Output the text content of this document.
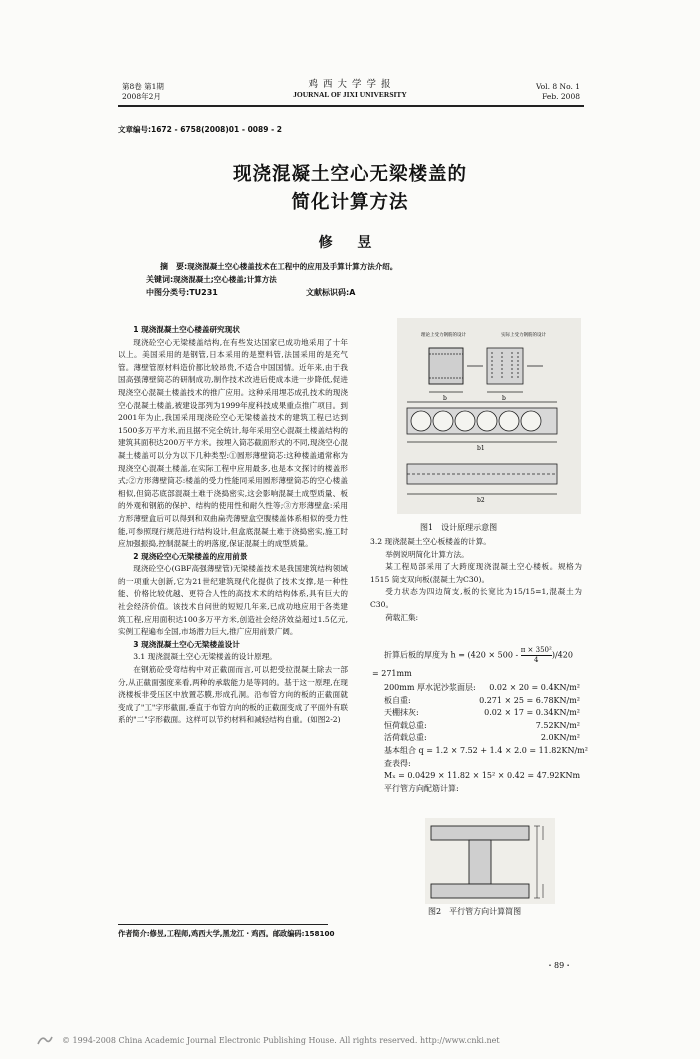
第8卷 第1期
2008年2月
鸡 西 大 学 学 报
JOURNAL OF JIXI UNIVERSITY
Vol. 8 No. 1
Feb. 2008
文章编号:1672 - 6758(2008)01 - 0089 - 2
现浇混凝土空心无梁楼盖的
简化计算方法
修 昱
摘　要:现浇混凝土空心楼盖技术在工程中的应用及手算计算方法介绍。
关键词:现浇混凝土;空心楼盖;计算方法
中图分类号:TU231	文献标识码:A

1 现浇混凝土空心楼盖研究现状

现浇砼空心无梁楼盖结构,在有些发达国家已成功地采用了十年以上。美国采用的是钢管,日本采用的是塑料管,法国采用的是充气管。薄壁管原材料造价都比较昂贵,不适合中国国情。近年来,由于我国高强薄壁筒芯的研制成功,制作技术改进后使成本进一步降低,促进现浇空心混凝土楼盖技术的推广应用。这种采用埋芯成孔技术的现浇空心混凝土楼盖,被建设部列为1999年度科技成果重点推广项目。到2001年为止,我国采用现浇砼空心无梁楼盖技术的建筑工程已达到1500多万平方米,而且据不完全统计,每年采用空心混凝土楼盖结构的建筑其面积达200万平方米。按埋入筒芯截面形式的不同,现浇空心混凝土楼盖可以分为以下几种类型:①圆形薄壁筒芯:这种楼盖通常称为现浇空心混凝土楼盖,在实际工程中应用最多,也是本文探讨的楼盖形式;②方形薄壁筒芯:楼盖的受力性能同采用圆形薄壁筒芯的空心楼盖相似,但筒芯底部混凝土难于浇捣密实,这会影响混凝土成型质量、板的外观和钢筋的保护、结构的使用性和耐久性等;③方形薄壁盒:采用方形薄壁盒后可以得到和双曲扁壳薄壁盒空腹楼盖体系相似的受力性能,可参照现行规范进行结构设计,但盒底混凝土难于浇捣密实,施工时应加强振捣,控制混凝土的坍落度,保证混凝土的成型质量。

2 现浇砼空心无梁楼盖的应用前景

现浇砼空心(GBF高强薄壁管)无梁楼盖技术是我国建筑结构领域的一项重大创新,它为21世纪建筑现代化提供了技术支撑,是一种性能、价格比较优越、更符合人性的高技术术的结构体系,具有巨大的社会经济价值。该技术自问世的短短几年来,已成功地应用于各类建筑工程,应用面积达100多万平方米,创造社会经济效益超过1.5亿元,实例工程遍布全国,市场潜力巨大,推广应用前景广阔。

3 现浇混凝土空心无梁楼盖设计

3.1 现浇混凝土空心无梁楼盖的设计原理。

在钢筋砼受弯结构中对正截面而言,可以把受拉混凝土除去一部分,从正截面强度来看,两种的承载能力是等同的。基于这一原理,在现浇楼板非受压区中放置芯膜,形成孔洞。沿布管方向的板的正截面就变成了"工"字形截面,垂直于布管方向的板的正截面变成了平面外有联系的"二"字形截面。这样可以节约材料和减轻结构自重。(如图2-2)

理论上受力钢筋的设计	实际上受力钢筋的设计
b	b
b1
b2
图1　设计原理示意图

3.2 现浇混凝土空心板楼盖的计算。

举例说明简化计算方法。

某工程局部采用了大跨度现浇混凝土空心楼板。规格为1515 筒支双向板(混凝土为C30)。

受力状态为四边简支,板的长宽比为15/15=1,混凝土为C30。

荷载汇集:

折算后板的厚度为 $h = (420 \times 500 - \frac{\text{π × 350²}}{4} )/420$
= 271mm
200mm 厚水泥沙浆面层: 0.02 × 20 = 0.4KN/m²
板自重:	0.271 × 25 = 6.78KN/m²
天棚抹灰:	0.02 × 17 = 0.34KN/m²
恒荷载总重:	7.52KN/m²
活荷载总重:	2.0KN/m²
基本组合 q = 1.2 × 7.52 + 1.4 × 2.0 = 11.82KN/m²
查表得:
Mₓ = 0.0429 × 11.82 × 15² × 0.42 = 47.92KNm
平行管方向配筋计算:
图2　平行管方向计算简图
作者简介:修昱,工程师,鸡西大学,黑龙江・鸡西。邮政编码:158100
・89・
© 1994-2008 China Academic Journal Electronic Publishing House. All rights reserved. http://www.cnki.net
